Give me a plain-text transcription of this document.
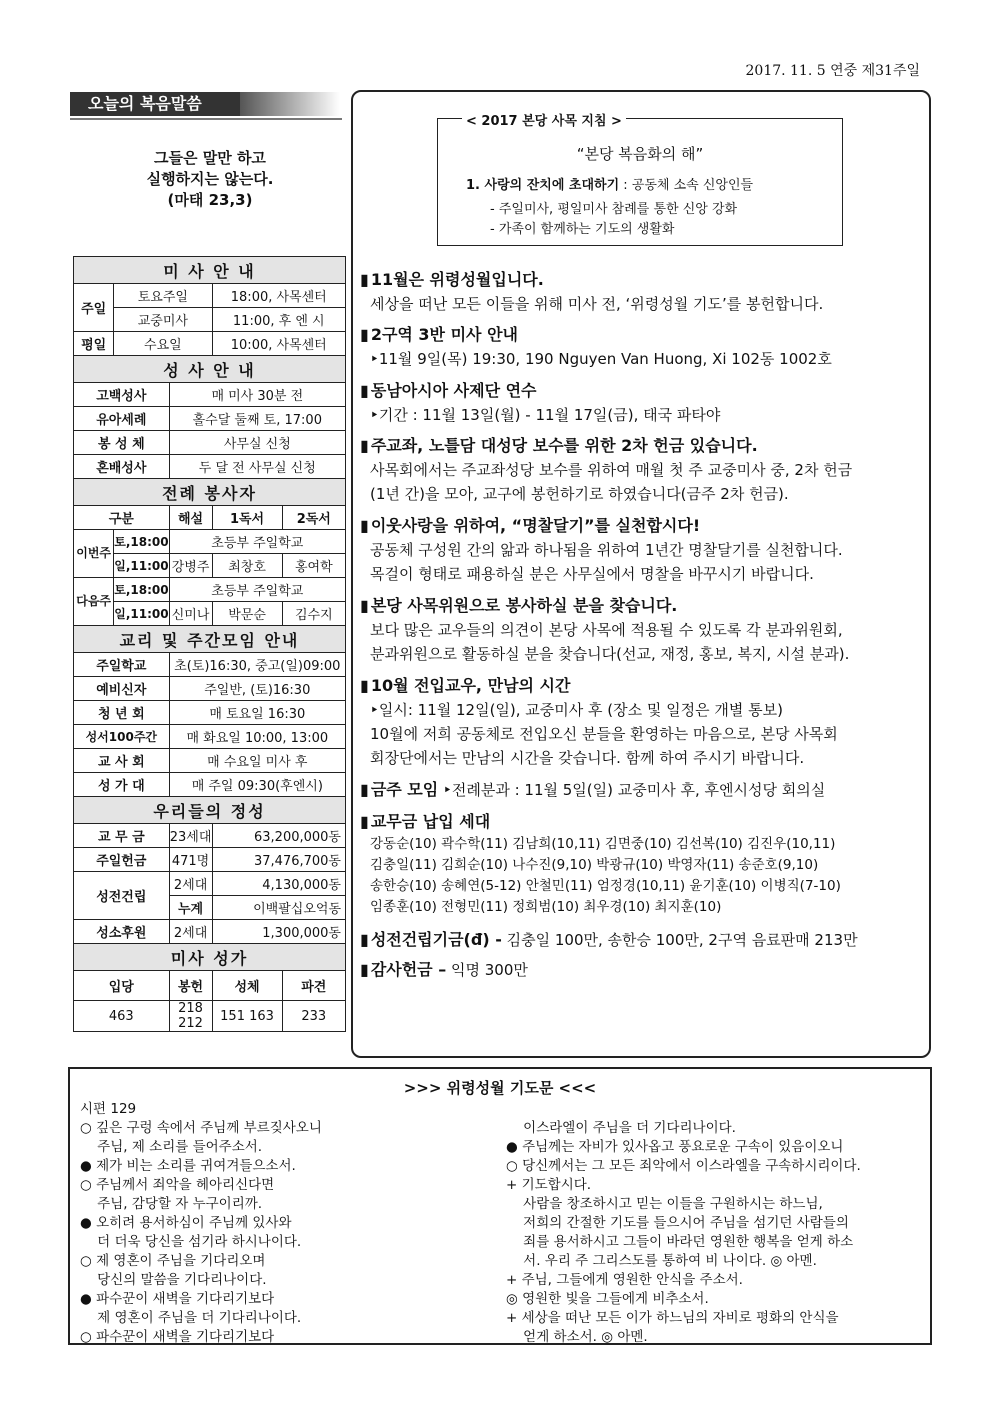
2017. 11. 5 연중 제31주일
오늘의 복음말씀
그들은 말만 하고
실행하지는 않는다.
(마태 23,3)
미 사 안 내				
주일	토요주일		18:00, 사목센터	
	교중미사		11:00, 후 엔 시	
평일	수요일		10:00, 사목센터	
성 사 안 내				
고백성사		매 미사 30분 전		
유아세례		홀수달 둘째 토, 17:00		
봉 성 체		사무실 신청		
혼배성사		두 달 전 사무실 신청		
전례 봉사자				
구분		해설	1독서	2독서
이번주	토,18:00	초등부 주일학교		
	일,11:00	강병주	최창호	홍여학
다음주	토,18:00	초등부 주일학교		
	일,11:00	신미나	박문순	김수지
교리 및 주간모임 안내				
주일학교		초(토)16:30, 중고(일)09:00		
예비신자		주일반, (토)16:30		
청 년 회		매 토요일 16:30		
성서100주간		매 화요일 10:00, 13:00		
교 사 회		매 수요일 미사 후		
성 가 대		매 주일 09:30(후엔시)		
우리들의 정성				
교 무 금		23세대	63,200,000동	
주일헌금		471명	37,476,700동	
성전건립		2세대	4,130,000동	
		누계	이백팔십오억동	
성소후원		2세대	1,300,000동	
미사 성가				
입당		봉헌	성체	파견
463		218 212	151 163	233
< 2017 본당 사목 지침 >
“본당 복음화의 해”
1. 사랑의 잔치에 초대하기 : 공동체 소속 신앙인들
- 주일미사, 평일미사 참례를 통한 신앙 강화
- 가족이 함께하는 기도의 생활화
▮ 11월은 위령성월입니다.
세상을 떠난 모든 이들을 위해 미사 전, ‘위령성월 기도’를 봉헌합니다.
▮ 2구역 3반 미사 안내
‣11월 9일(목) 19:30, 190 Nguyen Van Huong, Xi 102동 1002호
▮ 동남아시아 사제단 연수
‣기간 : 11월 13일(월) - 11월 17일(금), 태국 파타야
▮ 주교좌, 노틀담 대성당 보수를 위한 2차 헌금 있습니다.
사목회에서는 주교좌성당 보수를 위하여 매월 첫 주 교중미사 중, 2차 헌금
(1년 간)을 모아, 교구에 봉헌하기로 하였습니다(금주 2차 헌금).
▮ 이웃사랑을 위하여, “명찰달기”를 실천합시다!
공동체 구성원 간의 앎과 하나됨을 위하여 1년간 명찰달기를 실천합니다.
목걸이 형태로 패용하실 분은 사무실에서 명찰을 바꾸시기 바랍니다.
▮ 본당 사목위원으로 봉사하실 분을 찾습니다.
보다 많은 교우들의 의견이 본당 사목에 적용될 수 있도록 각 분과위원회,
분과위원으로 활동하실 분을 찾습니다(선교, 재정, 홍보, 복지, 시설 분과).
▮ 10월 전입교우, 만남의 시간
‣일시: 11월 12일(일), 교중미사 후 (장소 및 일정은 개별 통보)
10월에 저희 공동체로 전입오신 분들을 환영하는 마음으로, 본당 사목회
회장단에서는 만남의 시간을 갖습니다. 함께 하여 주시기 바랍니다.
▮ 금주 모임 ‣전례분과 : 11월 5일(일) 교중미사 후, 후엔시성당 회의실
▮ 교무금 납입 세대
강동순(10) 곽수학(11) 김남희(10,11) 김면중(10) 김선복(10) 김진우(10,11)
김충일(11) 김희순(10) 나수진(9,10) 박광규(10) 박영자(11) 송준호(9,10)
송한승(10) 송혜연(5-12) 안철민(11) 엄정경(10,11) 윤기훈(10) 이병직(7-10)
임종훈(10) 전형민(11) 정희범(10) 최우경(10) 최지훈(10)
▮ 성전건립기금(đ) - 김충일 100만, 송한승 100만, 2구역 음료판매 213만
▮ 감사헌금 – 익명 300만
>>> 위령성월 기도문 <<<
시편 129
○ 깊은 구렁 속에서 주님께 부르짖사오니
주님, 제 소리를 들어주소서.
● 제가 비는 소리를 귀여겨들으소서.
○ 주님께서 죄악을 헤아리신다면
주님, 감당할 자 누구이리까.
● 오히려 용서하심이 주님께 있사와
더 더욱 당신을 섬기라 하시나이다.
○ 제 영혼이 주님을 기다리오며
당신의 말씀을 기다리나이다.
● 파수꾼이 새벽을 기다리기보다
제 영혼이 주님을 더 기다리나이다.
○ 파수꾼이 새벽을 기다리기보다
이스라엘이 주님을 더 기다리나이다.
● 주님께는 자비가 있사옵고 풍요로운 구속이 있음이오니
○ 당신께서는 그 모든 죄악에서 이스라엘을 구속하시리이다.
+ 기도합시다.
사람을 창조하시고 믿는 이들을 구원하시는 하느님,
저희의 간절한 기도를 들으시어 주님을 섬기던 사람들의
죄를 용서하시고 그들이 바라던 영원한 행복을 얻게 하소
서. 우리 주 그리스도를 통하여 비 나이다. ◎ 아멘.
+ 주님, 그들에게 영원한 안식을 주소서.
◎ 영원한 빛을 그들에게 비추소서.
+ 세상을 떠난 모든 이가 하느님의 자비로 평화의 안식을
얻게 하소서. ◎ 아멘.
